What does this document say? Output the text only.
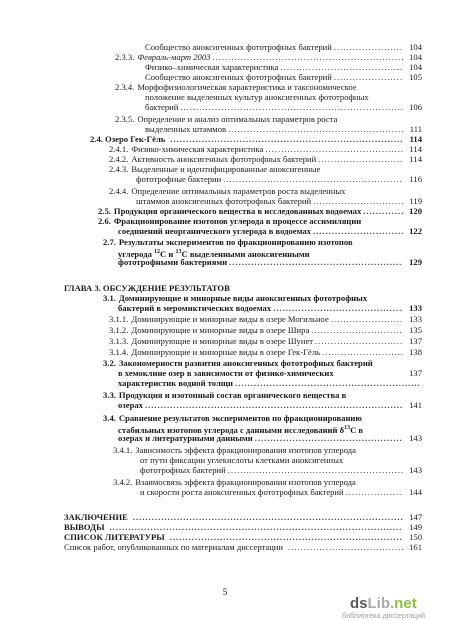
Сообщество аноксигенных фототрофных бактерий .....	104
2.3.3. Февраль-март 2003 .....	104
Физико–химическая характеристика .....	104
Сообщество аноксигенных фототрофных бактерий .....	105
2.3.4. Морфофизиологическая характеристика и таксономическое
положение выделенных культур аноксигенных фототрофных
бактерий .....	106
2.3.5. Определение и анализ оптимальных параметров роста
выделенных штаммов .....	111
2.4. Озеро Гек-Гёль .....	114
2.4.1. Физико-химическая характеристика .....	114
2.4.2. Активность аноксигенных фототрофных бактерий .....	114
2.4.3. Выделенные и идентифицированные аноксигенные
фототрофные бактерии .....	116
2.4.4. Определение оптимальных параметров роста выделенных
штаммов аноксигенных фототрофных бактерий .....	119
2.5. Продукция органического вещества в исследованных водоемах .....	120
2.6. Фракционирование изотопов углерода в процессе ассимиляции
соединений неорганического углерода в водоемах .....	122
2.7. Результаты экспериментов по фракционированию изотопов
углерода $^{12}$C и $^{13}$C выделенными аноксигенными
фототрофными бактериями .....	129
ГЛАВА 3. ОБСУЖДЕНИЕ РЕЗУЛЬТАТОВ
3.1. Доминирующие и минорные виды аноксигенных фототрофных
бактерий в меромиктических водоемах .....	133
3.1.1. Доминирующие и минорные виды в озере Могильное .....	133
3.1.2. Доминирующие и минорные виды в озере Шира .....	135
3.1.3. Доминирующие и минорные виды в озере Шунет .....	137
3.1.4. Доминирующие и минорные виды в озере Гек-Гёль .....	138
3.2. Закономерности развития аноксигенных фототрофных бактерий
в хемоклине озер в зависимости от физико-химических	137
характеристик водной толщи
.....
3.3. Продукция и изотопный состав органического вещества в
озерах .....	141
3.4. Сравнение результатов экспериментов по фракционированию
стабильных изотопов углерода с данными исследований $\delta^{13}C$ в
озерах и литературными данными .....	143
3.4.1. Зависимость эффекта фракционирования изотопов углерода
от пути фиксации углекислоты клетками аноксигенных
фототрофных бактерий .....	143
3.4.2. Взаимосвязь эффекта фракционирования изотопов углерода
и скорости роста аноксигенных фототрофных бактерий .....	144
ЗАКЛЮЧЕНИЕ .....	147
ВЫВОДЫ .....	149
СПИСОК ЛИТЕРАТУРЫ .....	150
Список работ, опубликованных по материалам диссертации .....	161
5
dsLib.net
библиотека диссертаций
